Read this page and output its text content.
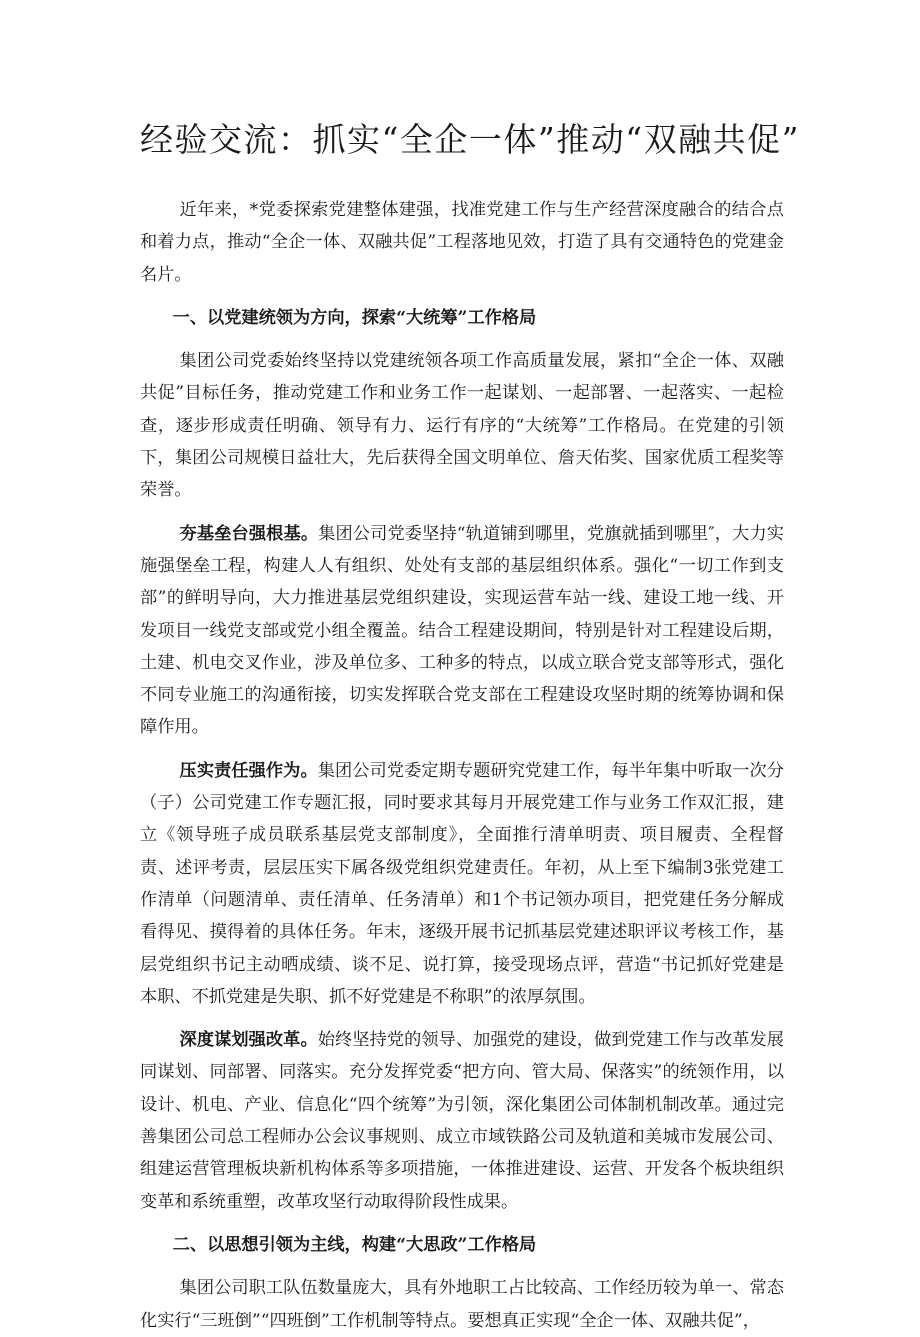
经验交流：抓实“全企一体”推动“双融共促”

近年来，*党委探索党建整体建强，找准党建工作与生产经营深度融合的结合点和着力点，推动“全企一体、双融共促”工程落地见效，打造了具有交通特色的党建金名片。

一、以党建统领为方向，探索“大统筹”工作格局

集团公司党委始终坚持以党建统领各项工作高质量发展，紧扣“全企一体、双融共促”目标任务，推动党建工作和业务工作一起谋划、一起部署、一起落实、一起检查，逐步形成责任明确、领导有力、运行有序的“大统筹”工作格局。在党建的引领下，集团公司规模日益壮大，先后获得全国文明单位、詹天佑奖、国家优质工程奖等荣誉。

夯基垒台强根基。集团公司党委坚持“轨道铺到哪里，党旗就插到哪里″，大力实施强堡垒工程，构建人人有组织、处处有支部的基层组织体系。强化“一切工作到支部”的鲜明导向，大力推进基层党组织建设，实现运营车站一线、建设工地一线、开发项目一线党支部或党小组全覆盖。结合工程建设期间，特别是针对工程建设后期，土建、机电交叉作业，涉及单位多、工种多的特点，以成立联合党支部等形式，强化不同专业施工的沟通衔接，切实发挥联合党支部在工程建设攻坚时期的统筹协调和保障作用。

压实责任强作为。集团公司党委定期专题研究党建工作，每半年集中听取一次分（子）公司党建工作专题汇报，同时要求其每月开展党建工作与业务工作双汇报，建立《领导班子成员联系基层党支部制度》，全面推行清单明责、项目履责、全程督责、述评考责，层层压实下属各级党组织党建责任。年初，从上至下编制3张党建工作清单（问题清单、责任清单、任务清单）和1个书记领办项目，把党建任务分解成看得见、摸得着的具体任务。年末，逐级开展书记抓基层党建述职评议考核工作，基层党组织书记主动晒成绩、谈不足、说打算，接受现场点评，营造“书记抓好党建是本职、不抓党建是失职、抓不好党建是不称职”的浓厚氛围。

深度谋划强改革。始终坚持党的领导、加强党的建设，做到党建工作与改革发展同谋划、同部署、同落实。充分发挥党委“把方向、管大局、保落实”的统领作用，以设计、机电、产业、信息化“四个统筹”为引领，深化集团公司体制机制改革。通过完善集团公司总工程师办公会议事规则、成立市域铁路公司及轨道和美城市发展公司、组建运营管理板块新机构体系等多项措施，一体推进建设、运营、开发各个板块组织变革和系统重塑，改革攻坚行动取得阶段性成果。

二、以思想引领为主线，构建“大思政”工作格局

集团公司职工队伍数量庞大，具有外地职工占比较高、工作经历较为单一、常态化实行“三班倒”“四班倒”工作机制等特点。要想真正实现“全企一体、双融共促”，
